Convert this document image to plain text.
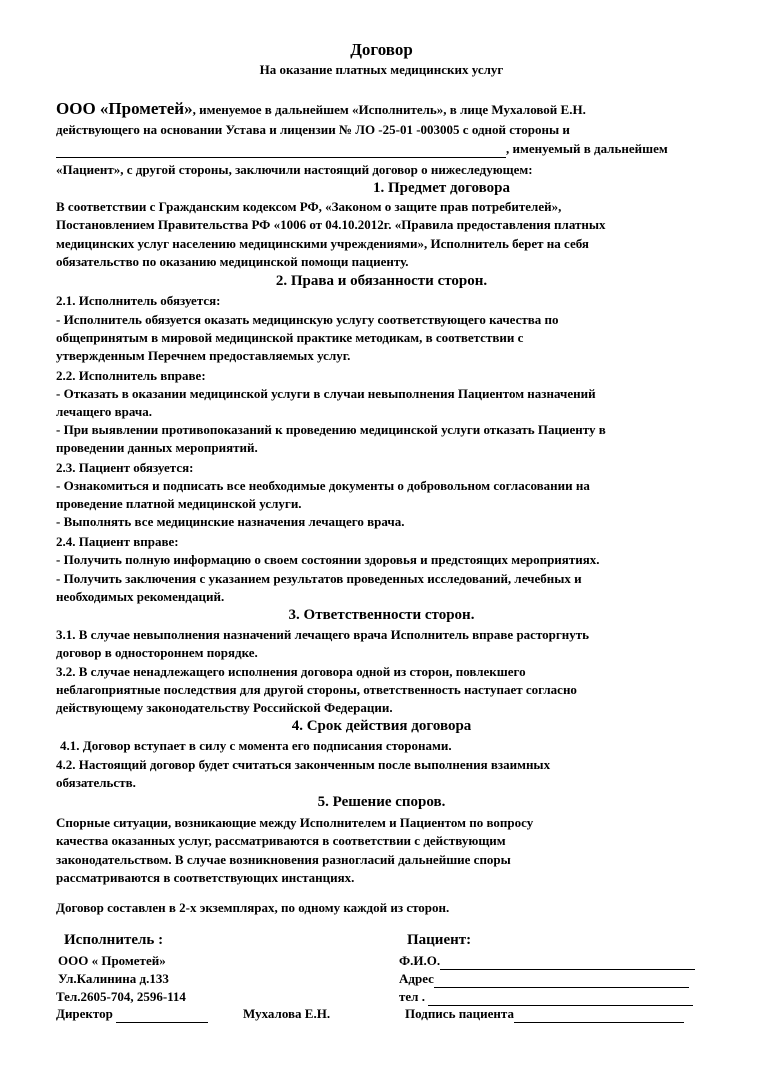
Договор
На оказание платных медицинских услуг
ООО «Прометей», именуемое в дальнейшем «Исполнитель», в лице Мухаловой Е.Н.
действующего на основании Устава и лицензии № ЛО -25-01 -003005 с одной стороны и
, именуемый в дальнейшем
«Пациент», с другой стороны, заключили настоящий договор о нижеследующем:
1. Предмет договора
В соответствии с Гражданским кодексом РФ, «Законом о защите прав потребителей»,
Постановлением Правительства РФ «1006 от 04.10.2012г. «Правила предоставления платных
медицинских услуг населению медицинскими учреждениями», Исполнитель берет на себя
обязательство по оказанию медицинской помощи пациенту.
2. Права и обязанности сторон.
2.1. Исполнитель обязуется:
- Исполнитель обязуется оказать медицинскую услугу соответствующего качества по
общепринятым в мировой медицинской практике методикам, в соответствии с
утвержденным Перечнем предоставляемых услуг.
2.2. Исполнитель вправе:
- Отказать в оказании медицинской услуги в случаи невыполнения Пациентом назначений
лечащего врача.
- При выявлении противопоказаний к проведению медицинской услуги отказать Пациенту в
проведении данных мероприятий.
2.3. Пациент обязуется:
- Ознакомиться и подписать все необходимые документы о добровольном согласовании на
проведение платной медицинской услуги.
- Выполнять все медицинские назначения лечащего врача.
2.4. Пациент вправе:
- Получить полную информацию о своем состоянии здоровья и предстоящих мероприятиях.
- Получить заключения с указанием результатов проведенных исследований, лечебных и
необходимых рекомендаций.
3. Ответственности сторон.
3.1. В случае невыполнения назначений лечащего врача Исполнитель вправе расторгнуть
договор в одностороннем порядке.
3.2. В случае ненадлежащего исполнения договора одной из сторон, повлекшего
неблагоприятные последствия для другой стороны, ответственность наступает согласно
действующему законодательству Российской Федерации.
4. Срок действия договора
4.1. Договор вступает в силу с момента его подписания сторонами.
4.2. Настоящий договор будет считаться законченным после выполнения взаимных
обязательств.
5. Решение споров.
Спорные ситуации, возникающие между Исполнителем и Пациентом по вопросу
качества оказанных услуг, рассматриваются в соответствии с действующим
законодательством. В случае возникновения разногласий дальнейшие споры
рассматриваются в соответствующих инстанциях.
Договор составлен в 2-х экземплярах, по одному каждой из сторон.
Исполнитель :
ООО « Прометей»
Ул.Калинина д.133
Тел.2605-704, 2596-114
Директор	Мухалова Е.Н.
Пациент:
Ф.И.О.
Адрес
тел .
Подпись пациента
